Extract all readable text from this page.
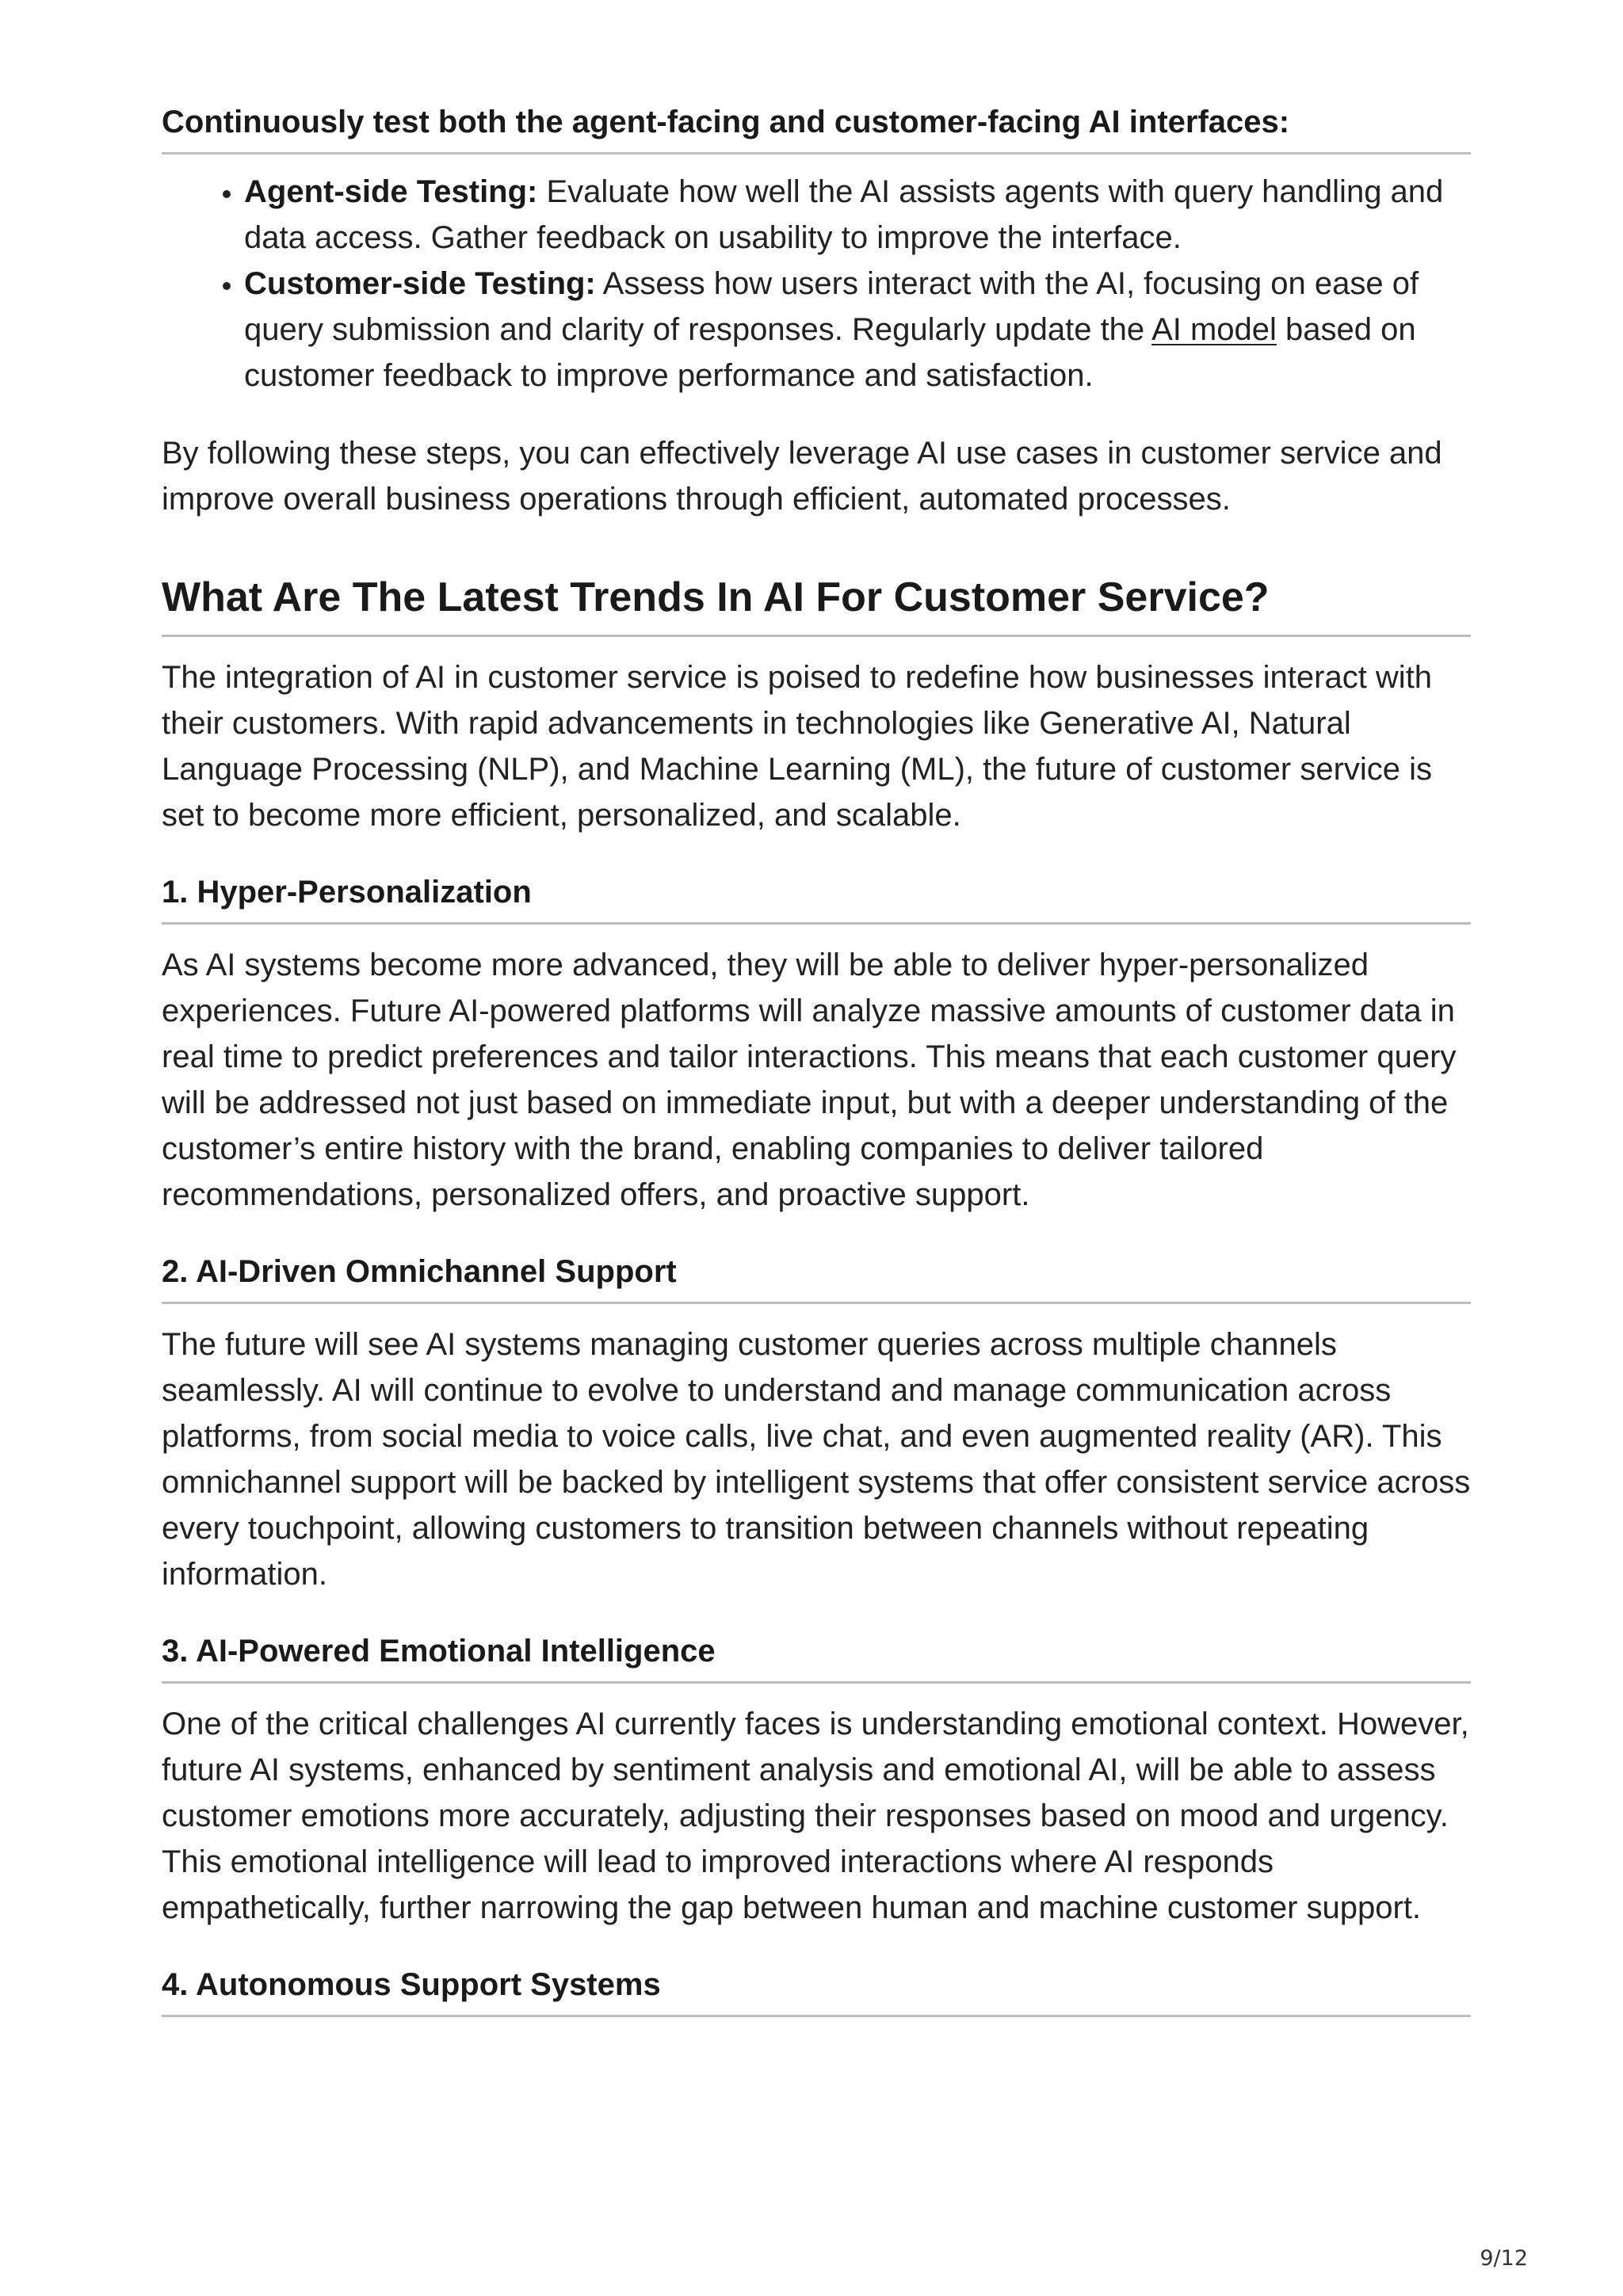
Continuously test both the agent-facing and customer-facing AI interfaces:
• Agent-side Testing: Evaluate how well the AI assists agents with query handling and data access. Gather feedback on usability to improve the interface.
• Customer-side Testing: Assess how users interact with the AI, focusing on ease of query submission and clarity of responses. Regularly update the AI model based on customer feedback to improve performance and satisfaction.

By following these steps, you can effectively leverage AI use cases in customer service and improve overall business operations through efficient, automated processes.

What Are The Latest Trends In AI For Customer Service?

The integration of AI in customer service is poised to redefine how businesses interact with their customers. With rapid advancements in technologies like Generative AI, Natural Language Processing (NLP), and Machine Learning (ML), the future of customer service is set to become more efficient, personalized, and scalable.

1. Hyper-Personalization

As AI systems become more advanced, they will be able to deliver hyper-personalized experiences. Future AI-powered platforms will analyze massive amounts of customer data in real time to predict preferences and tailor interactions. This means that each customer query will be addressed not just based on immediate input, but with a deeper understanding of the customer’s entire history with the brand, enabling companies to deliver tailored recommendations, personalized offers, and proactive support.

2. AI-Driven Omnichannel Support

The future will see AI systems managing customer queries across multiple channels seamlessly. AI will continue to evolve to understand and manage communication across platforms, from social media to voice calls, live chat, and even augmented reality (AR). This omnichannel support will be backed by intelligent systems that offer consistent service across every touchpoint, allowing customers to transition between channels without repeating information.

3. AI-Powered Emotional Intelligence

One of the critical challenges AI currently faces is understanding emotional context. However, future AI systems, enhanced by sentiment analysis and emotional AI, will be able to assess customer emotions more accurately, adjusting their responses based on mood and urgency. This emotional intelligence will lead to improved interactions where AI responds empathetically, further narrowing the gap between human and machine customer support.

4. Autonomous Support Systems
9/12
